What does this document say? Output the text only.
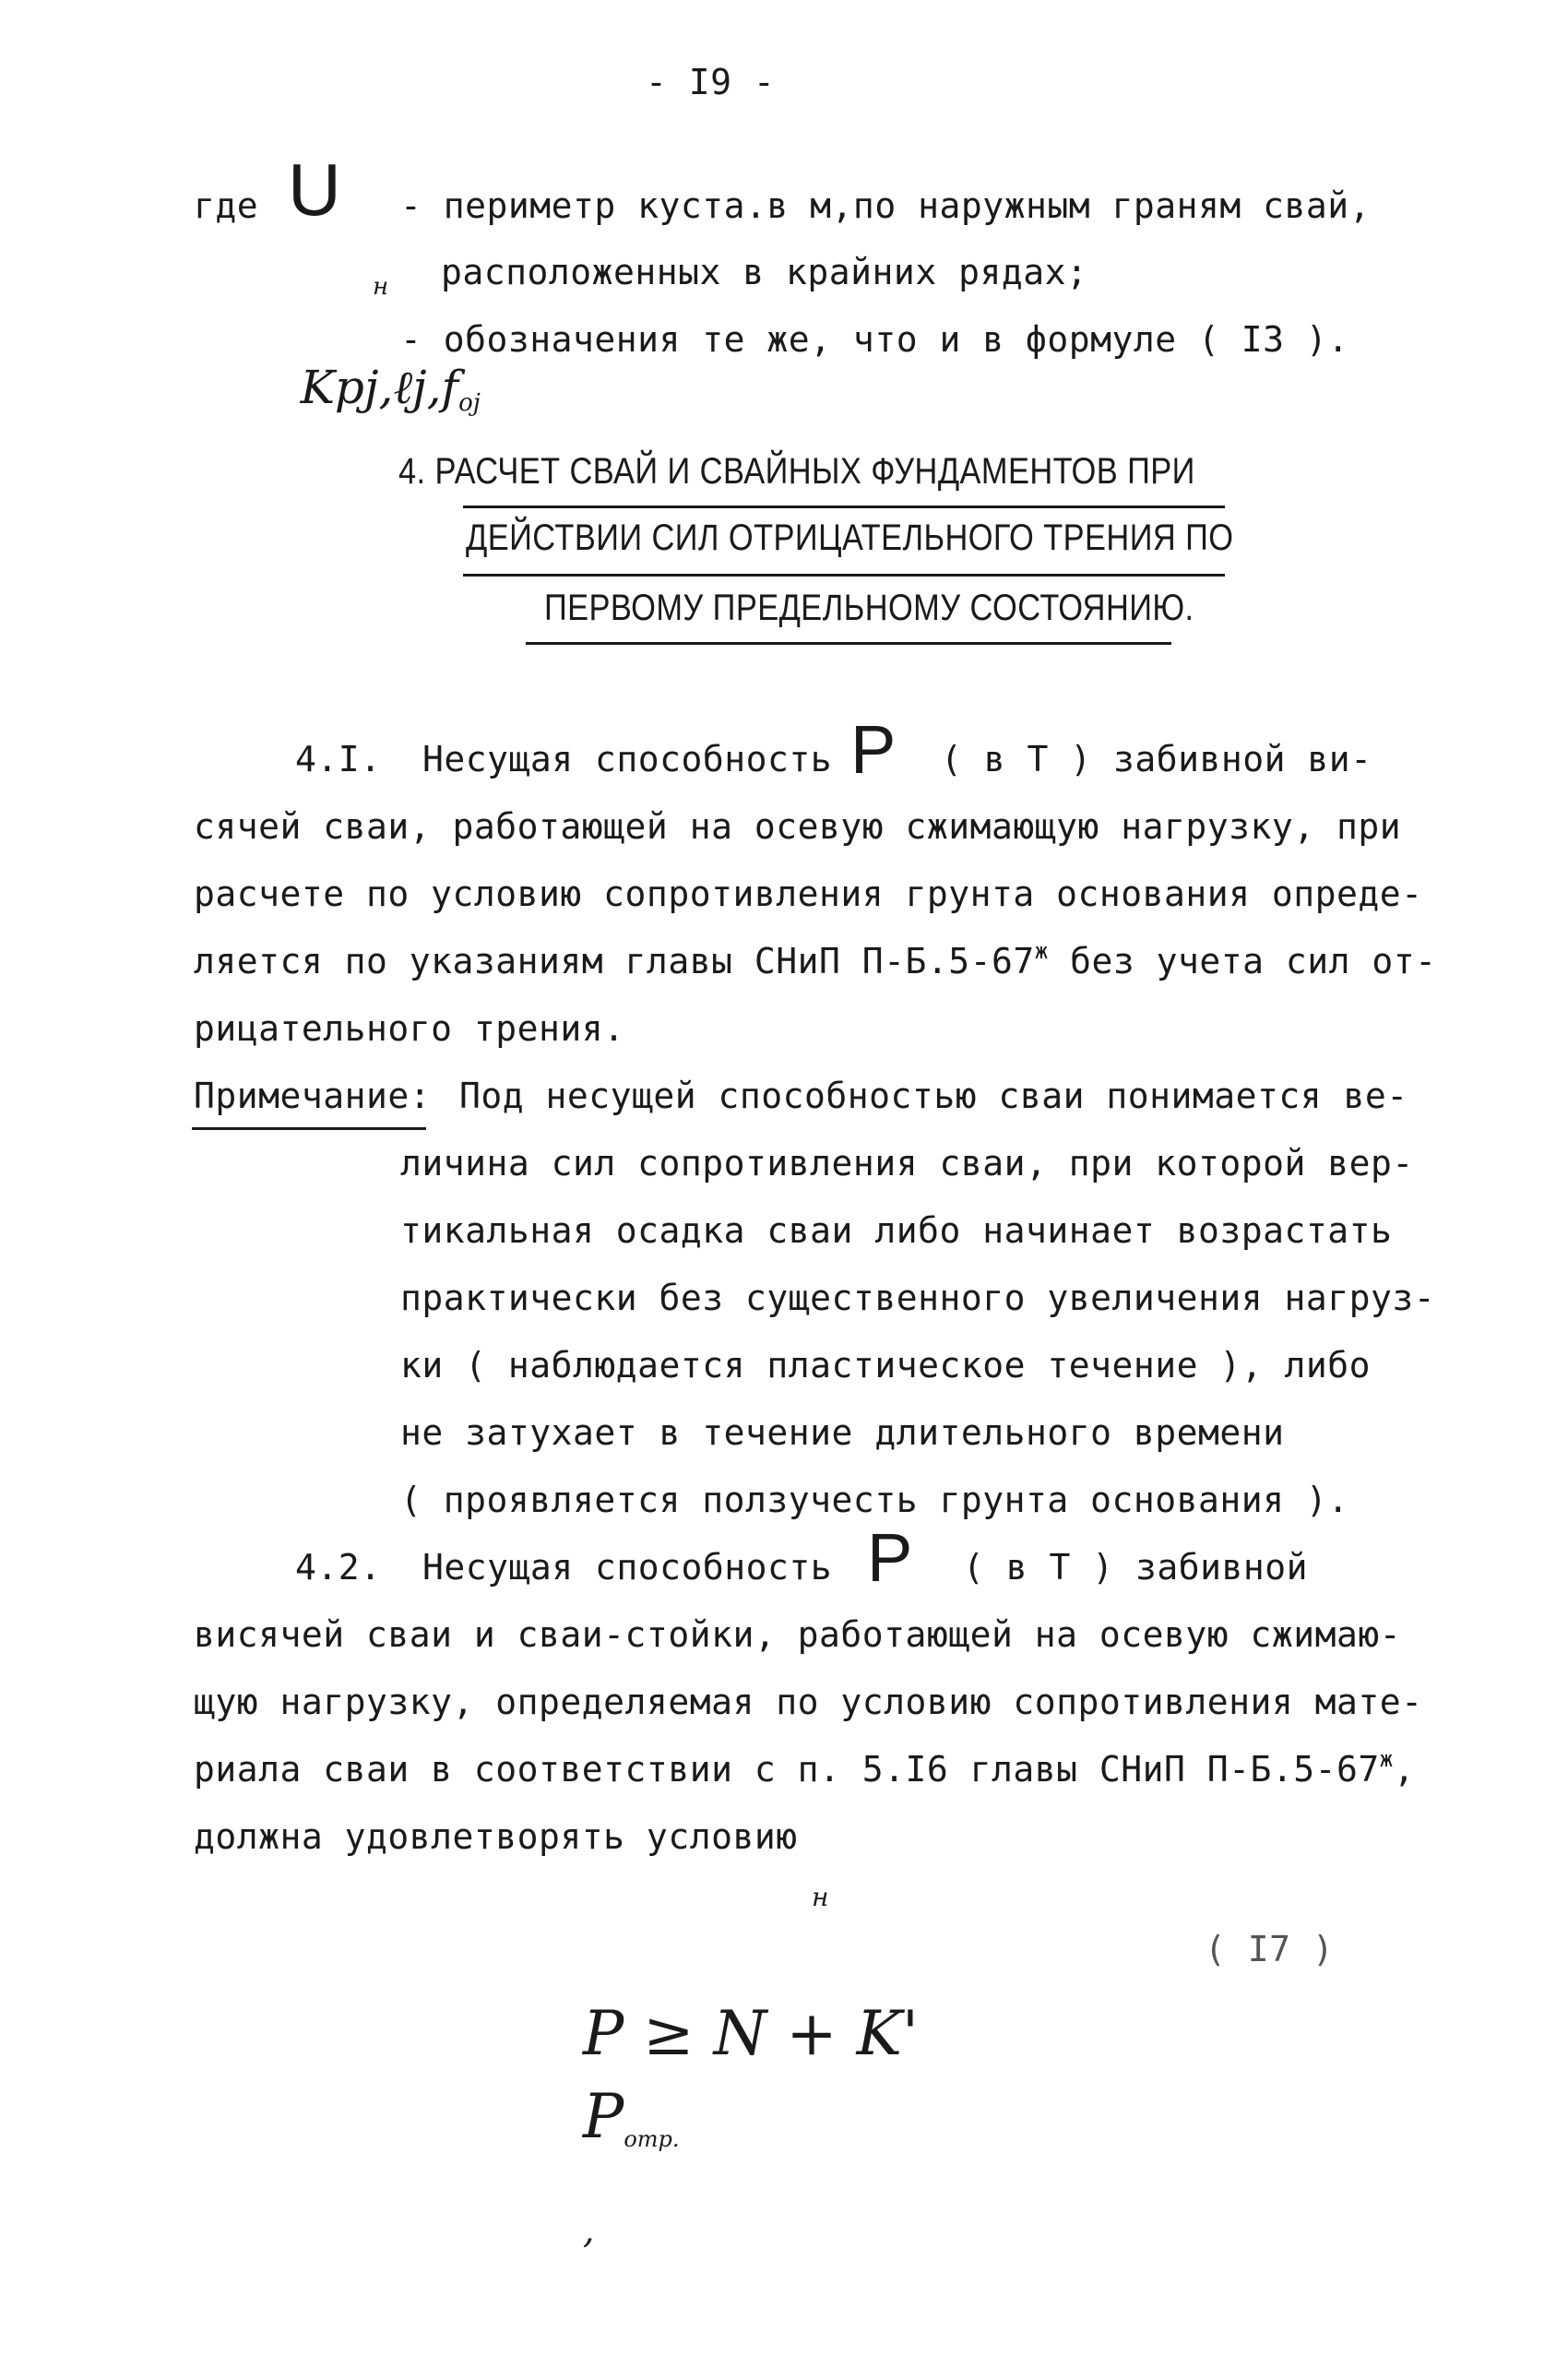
- I9 -
где U - периметр куста.в м,по наружным граням свай,
расположенных в крайних рядах;

Kрj,ℓj,foj

н
- обозначения те же, что и в формуле ( I3 ).
4. РАСЧЕТ СВАЙ И СВАЙНЫХ ФУНДАМЕНТОВ ПРИ
ДЕЙСТВИИ СИЛ ОТРИЦАТЕЛЬНОГО ТРЕНИЯ ПО
ПЕРВОМУ ПРЕДЕЛЬНОМУ СОСТОЯНИЮ.
4.I. Несущая способность P ( в Т ) забивной ви-
сячей сваи, работающей на осевую сжимающую нагрузку, при
расчете по условию сопротивления грунта основания опреде-
ляется по указаниям главы СНиП $П-Б.5-67^ж$ без учета сил от-
рицательного трения.
Примечание: Под несущей способностью сваи понимается ве-
личина сил сопротивления сваи, при которой вер-
тикальная осадка сваи либо начинает возрастать
практически без существенного увеличения нагруз-
ки ( наблюдается пластическое течение ), либо
не затухает в течение длительного времени
( проявляется ползучесть грунта основания ).
4.2. Несущая способность P ( в Т ) забивной
висячей сваи и сваи-стойки, работающей на осевую сжимаю-
щую нагрузку, определяемая по условию сопротивления мате-
риала сваи в соответствии с п. 5.I6 главы СНиП $П-Б.5-67^ж$,
должна удовлетворять условию

P ≥ N + K'
Pотр.
,

н
( I7 )
